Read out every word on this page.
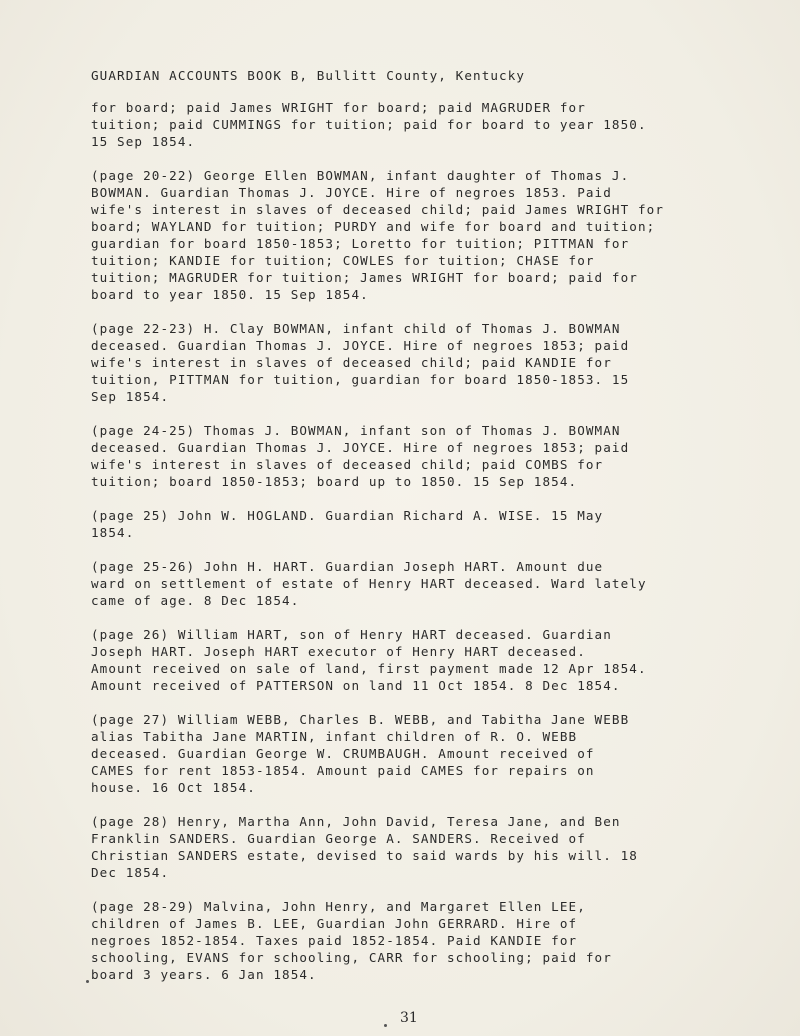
GUARDIAN ACCOUNTS BOOK B, Bullitt County, Kentucky

for board; paid James WRIGHT for board; paid MAGRUDER for
tuition; paid CUMMINGS for tuition; paid for board to year 1850.
15 Sep 1854.

(page 20-22) George Ellen BOWMAN, infant daughter of Thomas J.
BOWMAN. Guardian Thomas J. JOYCE. Hire of negroes 1853. Paid
wife's interest in slaves of deceased child; paid James WRIGHT for
board; WAYLAND for tuition; PURDY and wife for board and tuition;
guardian for board 1850-1853; Loretto for tuition; PITTMAN for
tuition; KANDIE for tuition; COWLES for tuition; CHASE for
tuition; MAGRUDER for tuition; James WRIGHT for board; paid for
board to year 1850. 15 Sep 1854.

(page 22-23) H. Clay BOWMAN, infant child of Thomas J. BOWMAN
deceased. Guardian Thomas J. JOYCE. Hire of negroes 1853; paid
wife's interest in slaves of deceased child; paid KANDIE for
tuition, PITTMAN for tuition, guardian for board 1850-1853. 15
Sep 1854.

(page 24-25) Thomas J. BOWMAN, infant son of Thomas J. BOWMAN
deceased. Guardian Thomas J. JOYCE. Hire of negroes 1853; paid
wife's interest in slaves of deceased child; paid COMBS for
tuition; board 1850-1853; board up to 1850. 15 Sep 1854.

(page 25) John W. HOGLAND. Guardian Richard A. WISE. 15 May
1854.

(page 25-26) John H. HART. Guardian Joseph HART. Amount due
ward on settlement of estate of Henry HART deceased. Ward lately
came of age. 8 Dec 1854.

(page 26) William HART, son of Henry HART deceased. Guardian
Joseph HART. Joseph HART executor of Henry HART deceased.
Amount received on sale of land, first payment made 12 Apr 1854.
Amount received of PATTERSON on land 11 Oct 1854. 8 Dec 1854.

(page 27) William WEBB, Charles B. WEBB, and Tabitha Jane WEBB
alias Tabitha Jane MARTIN, infant children of R. O. WEBB
deceased. Guardian George W. CRUMBAUGH. Amount received of
CAMES for rent 1853-1854. Amount paid CAMES for repairs on
house. 16 Oct 1854.

(page 28) Henry, Martha Ann, John David, Teresa Jane, and Ben
Franklin SANDERS. Guardian George A. SANDERS. Received of
Christian SANDERS estate, devised to said wards by his will. 18
Dec 1854.

(page 28-29) Malvina, John Henry, and Margaret Ellen LEE,
children of James B. LEE, Guardian John GERRARD. Hire of
negroes 1852-1854. Taxes paid 1852-1854. Paid KANDIE for
schooling, EVANS for schooling, CARR for schooling; paid for
board 3 years. 6 Jan 1854.

31
